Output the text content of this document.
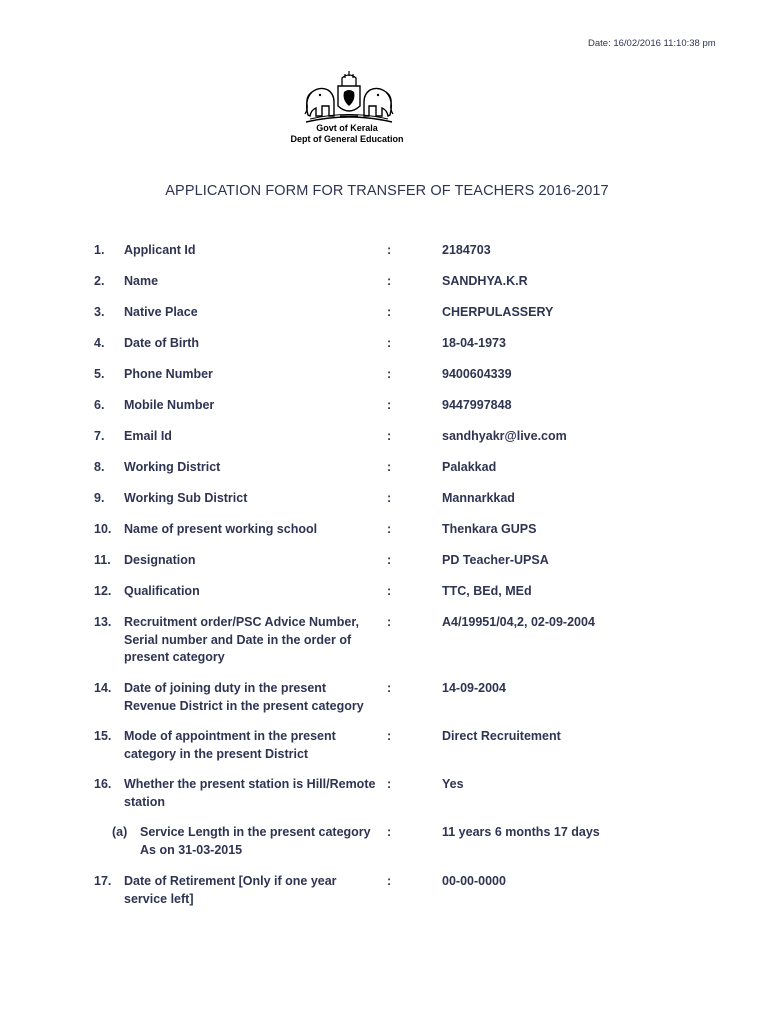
Date: 16/02/2016 11:10:38 pm
Govt of Kerala
Dept of General Education
APPLICATION FORM FOR TRANSFER OF TEACHERS 2016-2017
1. Applicant Id	:	2184703
2. Name	:	SANDHYA.K.R
3. Native Place	:	CHERPULASSERY
4. Date of Birth	:	18-04-1973
5. Phone Number	:	9400604339
6. Mobile Number	:	9447997848
7. Email Id	:	sandhyakr@live.com
8. Working District	:	Palakkad
9. Working Sub District	:	Mannarkkad
10. Name of present working school	:	Thenkara GUPS
11. Designation	:	PD Teacher-UPSA
12. Qualification	:	TTC, BEd, MEd
13. Recruitment order/PSC Advice Number, Serial number and Date in the order of present category
:	A4/19951/04,2, 02-09-2004
14. Date of joining duty in the present Revenue District in the present category
:	14-09-2004
15. Mode of appointment in the present category in the present District
:	Direct Recruitement
16. Whether the present station is Hill/Remote station
:	Yes
(a) Service Length in the present category As on 31-03-2015
:	11 years 6 months 17 days
17. Date of Retirement [Only if one year service left]
:	00-00-0000
